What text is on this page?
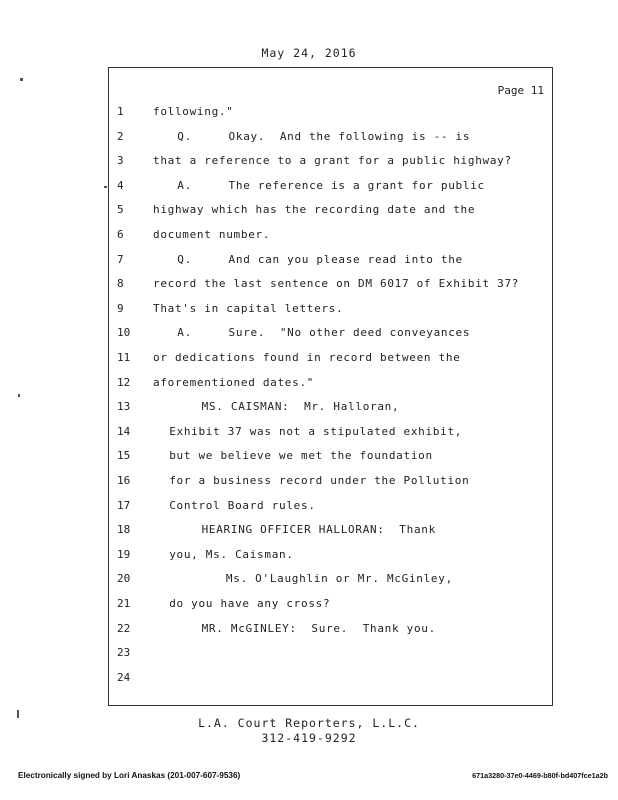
May 24, 2016
Page 11
1	following."
2	Q.     Okay.  And the following is -- is
3	that a reference to a grant for a public highway?
4	A.     The reference is a grant for public
5	highway which has the recording date and the
6	document number.
7	Q.     And can you please read into the
8	record the last sentence on DM 6017 of Exhibit 37?
9	That's in capital letters.
10	A.     Sure.  "No other deed conveyances
11	or dedications found in record between the
12	aforementioned dates."
13	MS. CAISMAN:  Mr. Halloran,
14	Exhibit 37 was not a stipulated exhibit,
15	but we believe we met the foundation
16	for a business record under the Pollution
17	Control Board rules.
18	HEARING OFFICER HALLORAN:  Thank
19	you, Ms. Caisman.
20	Ms. O'Laughlin or Mr. McGinley,
21	do you have any cross?
22	MR. McGINLEY:  Sure.  Thank you.
23
24
L.A. Court Reporters, L.L.C.
312-419-9292
Electronically signed by Lori Anaskas (201-007-607-9536)	671a3280-37e0-4469-b80f-bd407fce1a2b
